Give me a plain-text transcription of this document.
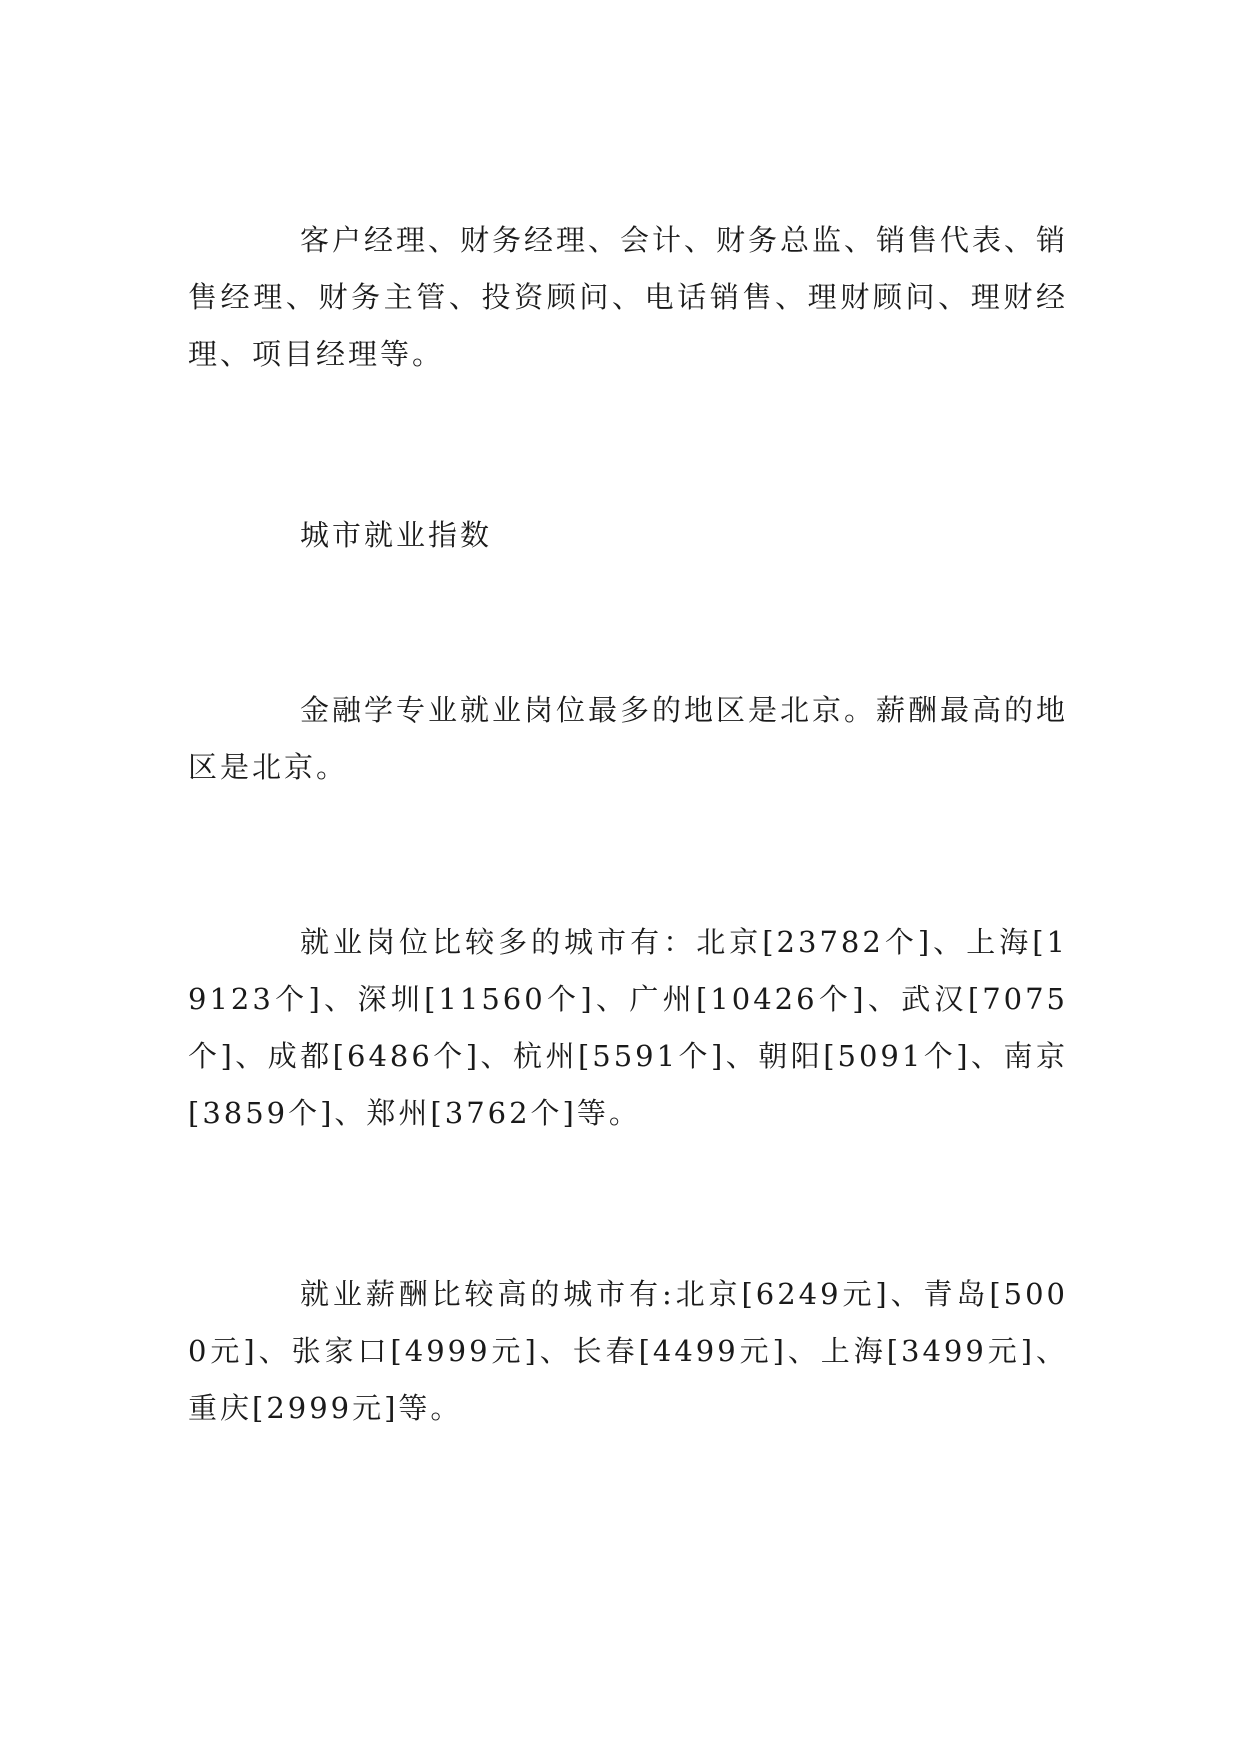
客户经理、财务经理、会计、财务总监、销售代表、销售经理、财务主管、投资顾问、电话销售、理财顾问、理财经理、项目经理等。

城市就业指数

金融学专业就业岗位最多的地区是北京。薪酬最高的地区是北京。

就业岗位比较多的城市有：北京[23782个]、上海[19123个]、深圳[11560个]、广州[10426个]、武汉[7075个]、成都[6486个]、杭州[5591个]、朝阳[5091个]、南京[3859个]、郑州[3762个]等。

就业薪酬比较高的城市有:北京[6249元]、青岛[5000元]、张家口[4999元]、长春[4499元]、上海[3499元]、重庆[2999元]等。
